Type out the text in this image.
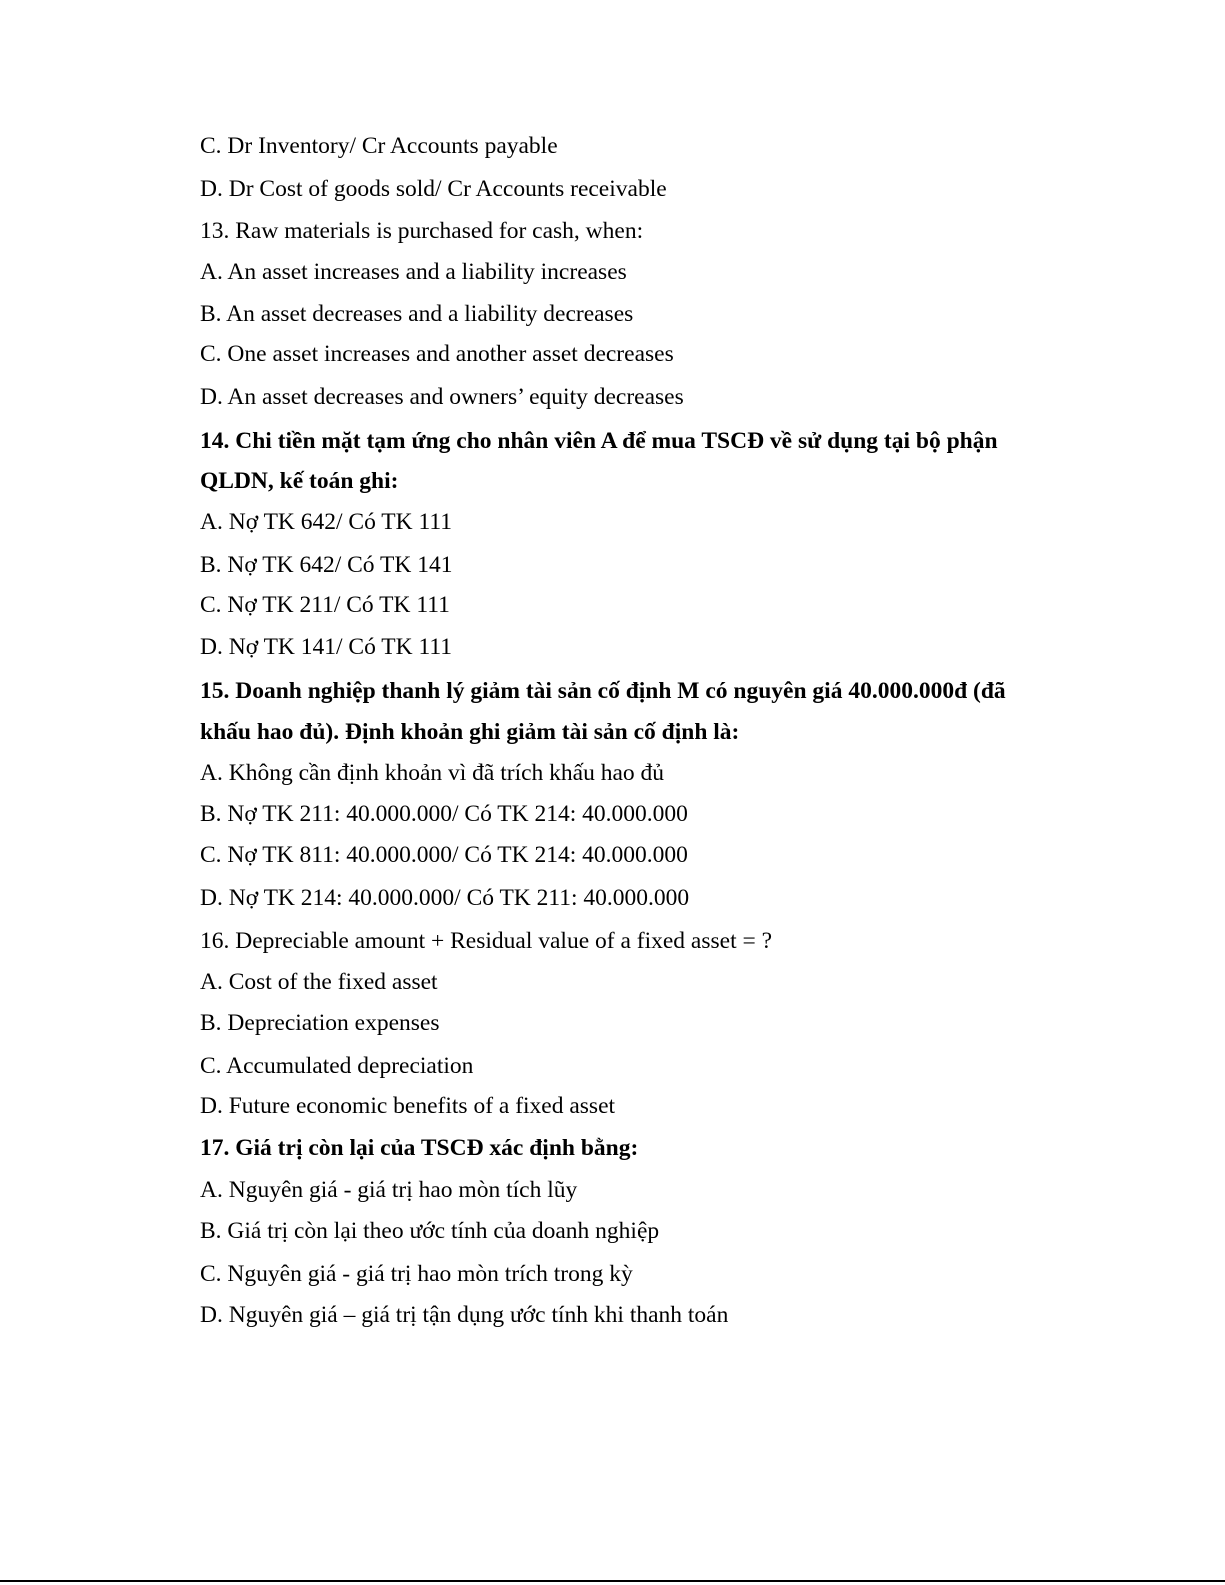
C. Dr Inventory/ Cr Accounts payable
D. Dr Cost of goods sold/ Cr Accounts receivable
13. Raw materials is purchased for cash, when:
A. An asset increases and a liability increases
B. An asset decreases and a liability decreases
C. One asset increases and another asset decreases
D. An asset decreases and owners’ equity decreases
14. Chi tiền mặt tạm ứng cho nhân viên A để mua TSCĐ về sử dụng tại bộ phận
QLDN, kế toán ghi:
A. Nợ TK 642/ Có TK 111
B. Nợ TK 642/ Có TK 141
C. Nợ TK 211/ Có TK 111
D. Nợ TK 141/ Có TK 111
15. Doanh nghiệp thanh lý giảm tài sản cố định M có nguyên giá 40.000.000đ (đã
khấu hao đủ). Định khoản ghi giảm tài sản cố định là:
A. Không cần định khoản vì đã trích khấu hao đủ
B. Nợ TK 211: 40.000.000/ Có TK 214: 40.000.000
C. Nợ TK 811: 40.000.000/ Có TK 214: 40.000.000
D. Nợ TK 214: 40.000.000/ Có TK 211: 40.000.000
16. Depreciable amount + Residual value of a fixed asset = ?
A. Cost of the fixed asset
B. Depreciation expenses
C. Accumulated depreciation
D. Future economic benefits of a fixed asset
17. Giá trị còn lại của TSCĐ xác định bằng:
A. Nguyên giá - giá trị hao mòn tích lũy
B. Giá trị còn lại theo ước tính của doanh nghiệp
C. Nguyên giá - giá trị hao mòn trích trong kỳ
D. Nguyên giá – giá trị tận dụng ước tính khi thanh toán
